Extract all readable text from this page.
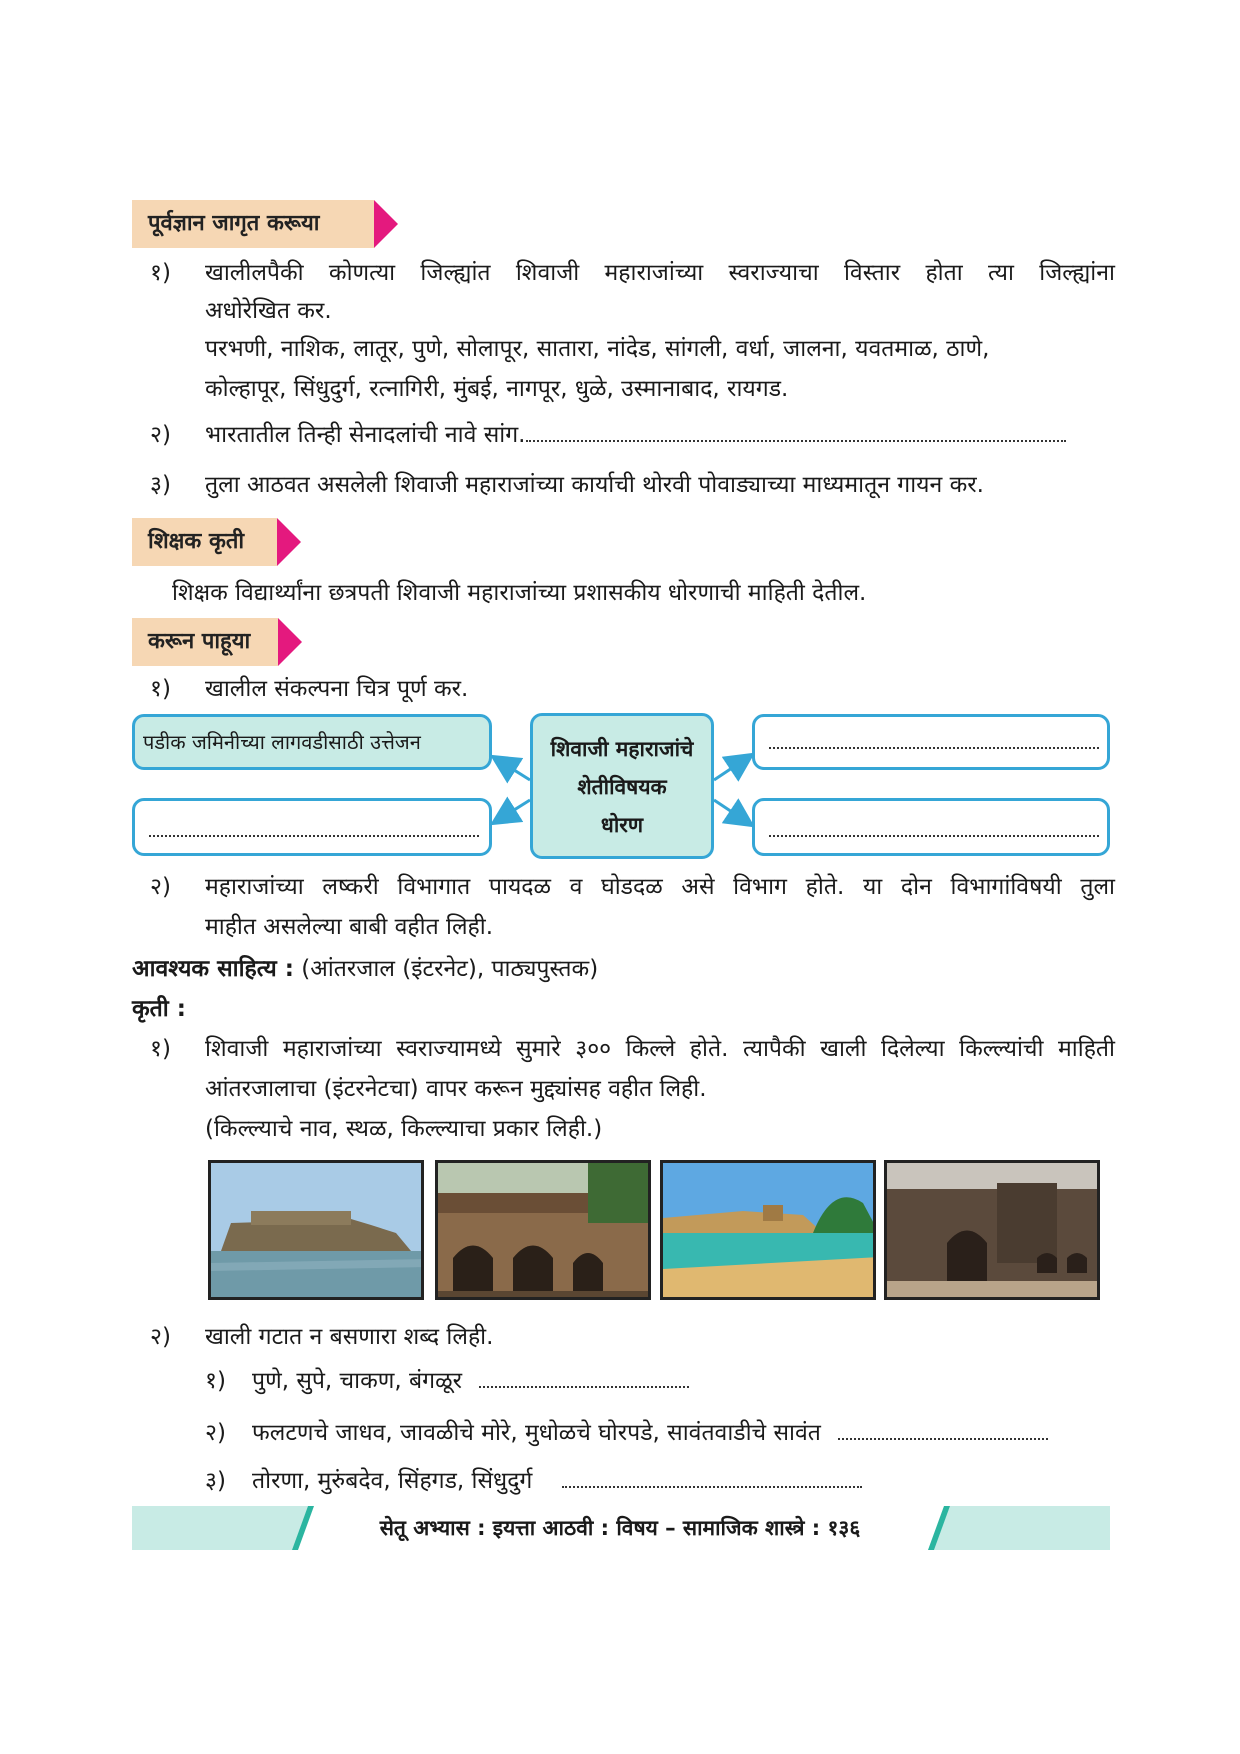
पूर्वज्ञान जागृत करूया
१) खालीलपैकी कोणत्या जिल्ह्यांत शिवाजी महाराजांच्या स्वराज्याचा विस्तार होता त्या जिल्ह्यांना
अधोरेखित कर.
परभणी, नाशिक, लातूर, पुणे, सोलापूर, सातारा, नांदेड, सांगली, वर्धा, जालना, यवतमाळ, ठाणे,
कोल्हापूर, सिंधुदुर्ग, रत्नागिरी, मुंबई, नागपूर, धुळे, उस्मानाबाद, रायगड.
२) भारतातील तिन्ही सेनादलांची नावे सांग.
३) तुला आठवत असलेली शिवाजी महाराजांच्या कार्याची थोरवी पोवाड्याच्या माध्यमातून गायन कर.
शिक्षक कृती
शिक्षक विद्यार्थ्यांना छत्रपती शिवाजी महाराजांच्या प्रशासकीय धोरणाची माहिती देतील.
करून पाहूया
१) खालील संकल्पना चित्र पूर्ण कर.
पडीक जमिनीच्या लागवडीसाठी उत्तेजन	शिवाजी महाराजांचे
शेतीविषयक
धोरण
२) महाराजांच्या लष्करी विभागात पायदळ व घोडदळ असे विभाग होते. या दोन विभागांविषयी तुला
माहीत असलेल्या बाबी वहीत लिही.
आवश्यक साहित्य : (आंतरजाल (इंटरनेट), पाठ्यपुस्तक)
कृती :
१) शिवाजी महाराजांच्या स्वराज्यामध्ये सुमारे ३०० किल्ले होते. त्यापैकी खाली दिलेल्या किल्ल्यांची माहिती
आंतरजालाचा (इंटरनेटचा) वापर करून मुद्द्यांसह वहीत लिही.
(किल्ल्याचे नाव, स्थळ, किल्ल्याचा प्रकार लिही.)
२) खाली गटात न बसणारा शब्द लिही.
१) पुणे, सुपे, चाकण, बंगळूर
२) फलटणचे जाधव, जावळीचे मोरे, मुधोळचे घोरपडे, सावंतवाडीचे सावंत
३) तोरणा, मुरुंबदेव, सिंहगड, सिंधुदुर्ग
सेतू अभ्यास : इयत्ता आठवी : विषय – सामाजिक शास्त्रे : १३६
